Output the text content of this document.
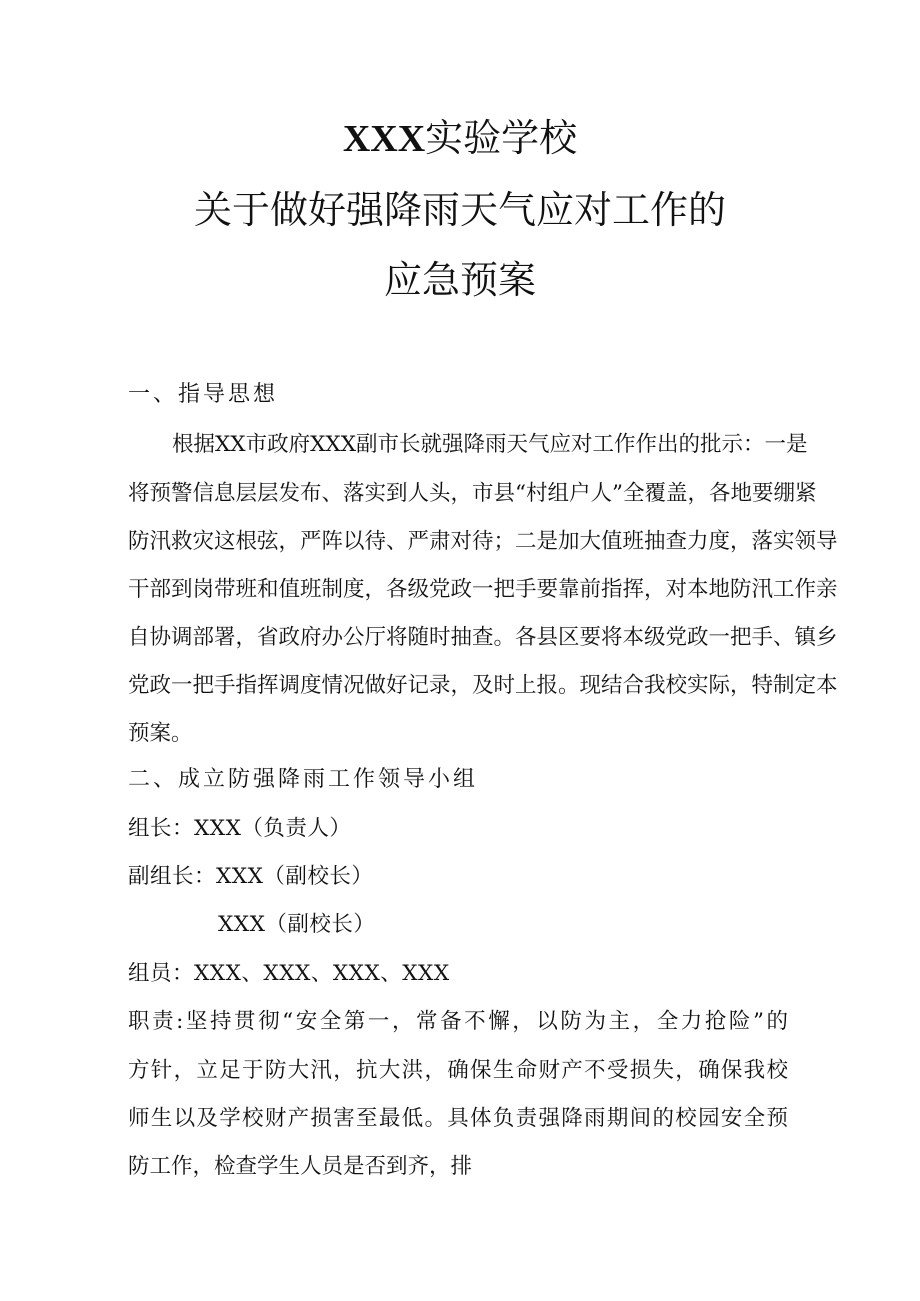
XXX实验学校
关于做好强降雨天气应对工作的
应急预案
一、指导思想
根据XX市政府XXX副市长就强降雨天气应对工作作出的批示：一是
将预警信息层层发布、落实到人头，市县“村组户人”全覆盖，各地要绷紧
防汛救灾这根弦，严阵以待、严肃对待；二是加大值班抽查力度，落实领导
干部到岗带班和值班制度，各级党政一把手要靠前指挥，对本地防汛工作亲
自协调部署，省政府办公厅将随时抽查。各县区要将本级党政一把手、镇乡
党政一把手指挥调度情况做好记录，及时上报。现结合我校实际，特制定本
预案。
二、成立防强降雨工作领导小组
组长：XXX（负责人）
副组长：XXX（副校长）
XXX（副校长）
组员：XXX、XXX、XXX、XXX
职责:坚持贯彻“安全第一，常备不懈，以防为主，全力抢险”的
方针，立足于防大汛，抗大洪，确保生命财产不受损失，确保我校
师生以及学校财产损害至最低。具体负责强降雨期间的校园安全预
防工作，检查学生人员是否到齐，排
